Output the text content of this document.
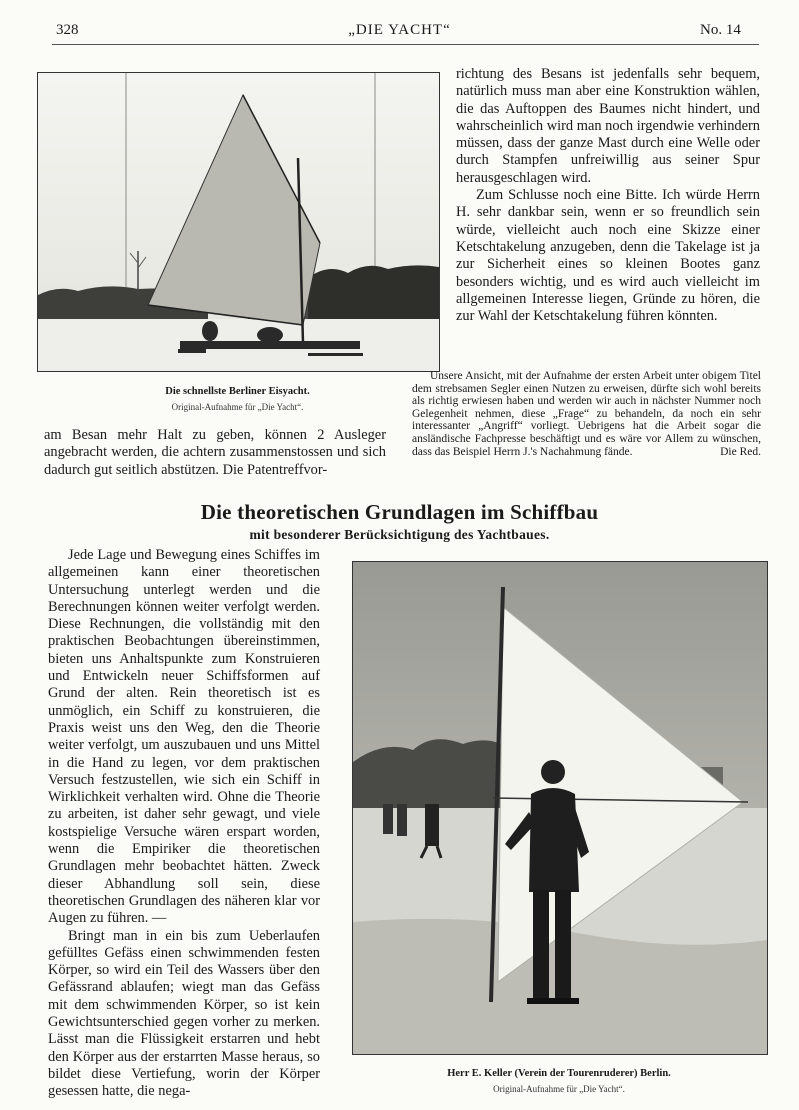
328	„DIE YACHT“	No. 14
Die schnellste Berliner Eisyacht.
Original-Aufnahme für „Die Yacht“.

am Besan mehr Halt zu geben, können 2 Ausleger angebracht werden, die achtern zusammenstossen und sich dadurch gut seitlich abstützen. Die Patentreffvor-

richtung des Besans ist jedenfalls sehr bequem, natürlich muss man aber eine Konstruktion wählen, die das Auftoppen des Baumes nicht hindert, und wahrscheinlich wird man noch irgendwie verhindern müssen, dass der ganze Mast durch eine Welle oder durch Stampfen unfreiwillig aus seiner Spur herausgeschlagen wird.

Zum Schlusse noch eine Bitte. Ich würde Herrn H. sehr dankbar sein, wenn er so freundlich sein würde, vielleicht auch noch eine Skizze einer Ketschtakelung anzugeben, denn die Takelage ist ja zur Sicherheit eines so kleinen Bootes ganz besonders wichtig, und es wird auch vielleicht im allgemeinen Interesse liegen, Gründe zu hören, die zur Wahl der Ketschtakelung führen könnten.

Unsere Ansicht, mit der Aufnahme der ersten Arbeit unter obigem Titel dem strebsamen Segler einen Nutzen zu erweisen, dürfte sich wohl bereits als richtig erwiesen haben und werden wir auch in nächster Nummer noch Gelegenheit nehmen, diese „Frage“ zu behandeln, da noch ein sehr interessanter „Angriff“ vorliegt. Uebrigens hat die Arbeit sogar die ansländische Fachpresse beschäftigt und es wäre vor Allem zu wünschen, dass das Beispiel Herrn J.'s Nachahmung fände.	Die Red.

Die theoretischen Grundlagen im Schiffbau
mit besonderer Berücksichtigung des Yachtbaues.

Jede Lage und Bewegung eines Schiffes im allgemeinen kann einer theoretischen Untersuchung unterlegt werden und die Berechnungen können weiter verfolgt werden. Diese Rechnungen, die vollständig mit den praktischen Beobachtungen übereinstimmen, bieten uns Anhaltspunkte zum Konstruieren und Entwickeln neuer Schiffsformen auf Grund der alten. Rein theoretisch ist es unmöglich, ein Schiff zu konstruieren, die Praxis weist uns den Weg, den die Theorie weiter verfolgt, um auszubauen und uns Mittel in die Hand zu legen, vor dem praktischen Versuch festzustellen, wie sich ein Schiff in Wirklichkeit verhalten wird. Ohne die Theorie zu arbeiten, ist daher sehr gewagt, und viele kostspielige Versuche wären erspart worden, wenn die Empiriker die theoretischen Grundlagen mehr beobachtet hätten. Zweck dieser Abhandlung soll sein, diese theoretischen Grundlagen des näheren klar vor Augen zu führen. —

Bringt man in ein bis zum Ueberlaufen gefülltes Gefäss einen schwimmenden festen Körper, so wird ein Teil des Wassers über den Gefässrand ablaufen; wiegt man das Gefäss mit dem schwimmenden Körper, so ist kein Gewichtsunterschied gegen vorher zu merken. Lässt man die Flüssigkeit erstarren und hebt den Körper aus der erstarrten Masse heraus, so bildet diese Vertiefung, worin der Körper gesessen hatte, die nega-

Herr E. Keller (Verein der Tourenruderer) Berlin.
Original-Aufnahme für „Die Yacht“.
